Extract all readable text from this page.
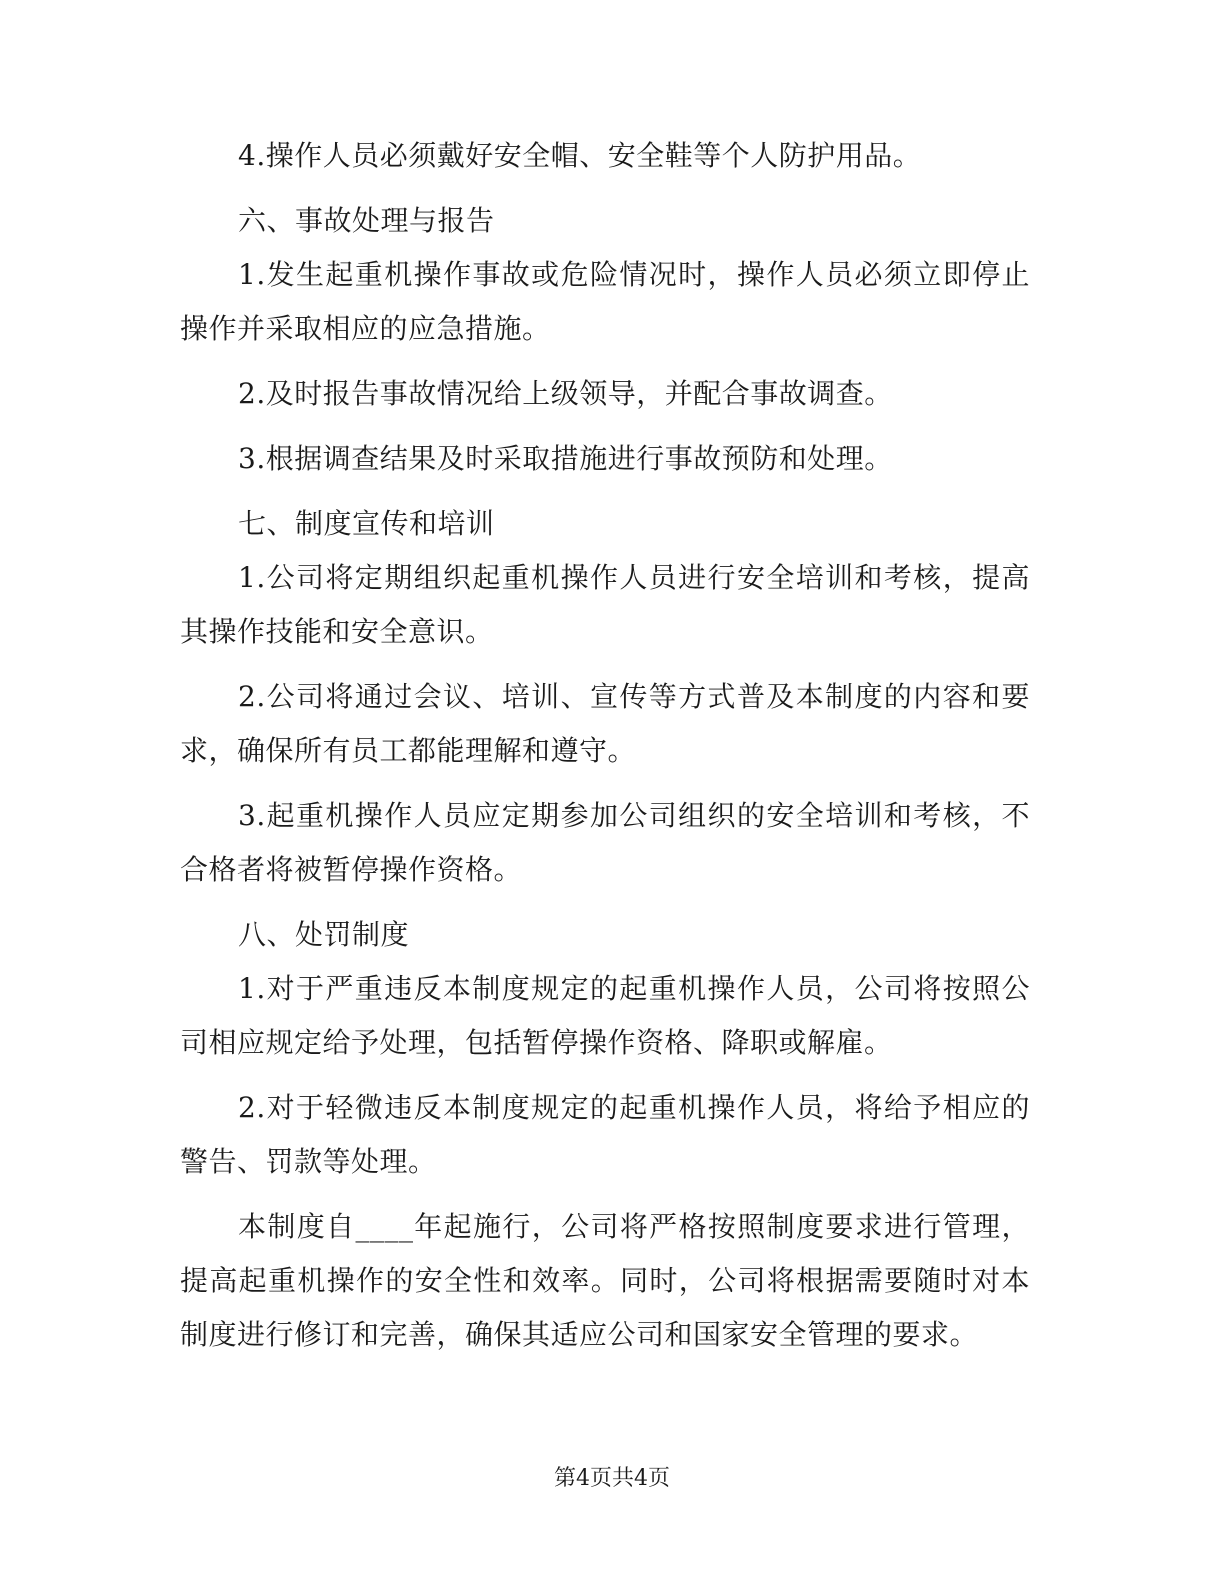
4.操作人员必须戴好安全帽、安全鞋等个人防护用品。

六、事故处理与报告

1.发生起重机操作事故或危险情况时，操作人员必须立即停止操作并采取相应的应急措施。

2.及时报告事故情况给上级领导，并配合事故调查。

3.根据调查结果及时采取措施进行事故预防和处理。

七、制度宣传和培训

1.公司将定期组织起重机操作人员进行安全培训和考核，提高其操作技能和安全意识。

2.公司将通过会议、培训、宣传等方式普及本制度的内容和要求，确保所有员工都能理解和遵守。

3.起重机操作人员应定期参加公司组织的安全培训和考核，不合格者将被暂停操作资格。

八、处罚制度

1.对于严重违反本制度规定的起重机操作人员，公司将按照公司相应规定给予处理，包括暂停操作资格、降职或解雇。

2.对于轻微违反本制度规定的起重机操作人员，将给予相应的警告、罚款等处理。

本制度自____年起施行，公司将严格按照制度要求进行管理，提高起重机操作的安全性和效率。同时，公司将根据需要随时对本制度进行修订和完善，确保其适应公司和国家安全管理的要求。

第4页共4页
